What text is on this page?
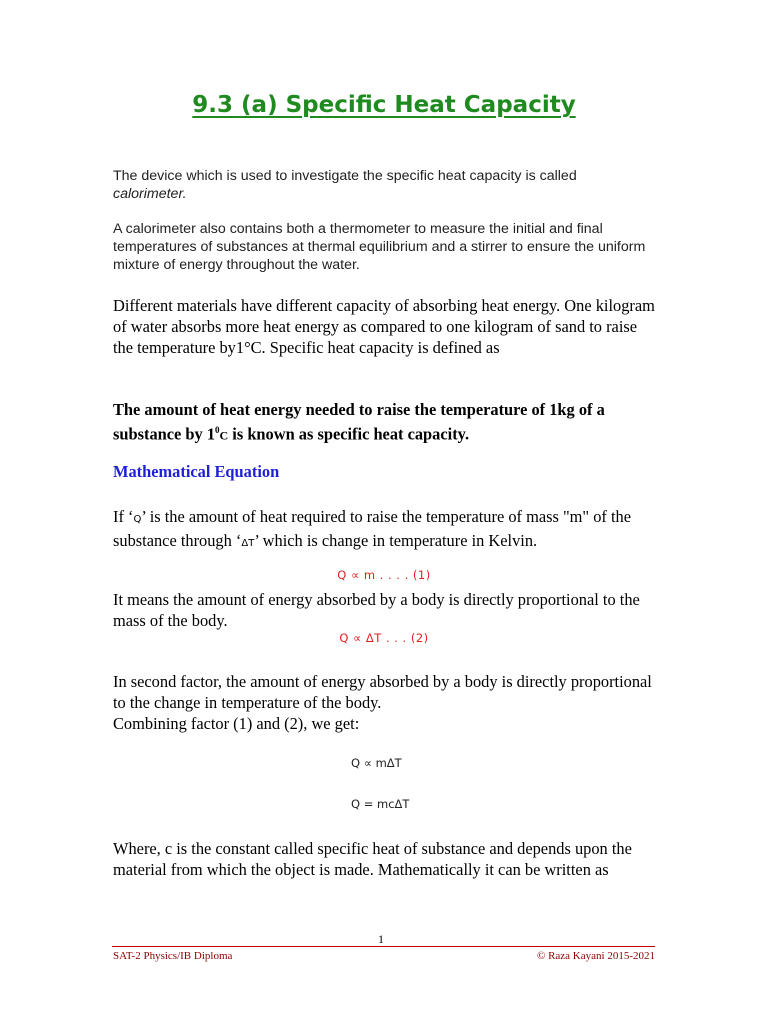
9.3 (a) Specific Heat Capacity
The device which is used to investigate the specific heat capacity is called
calorimeter.
A calorimeter also contains both a thermometer to measure the initial and final temperatures of substances at thermal equilibrium and a stirrer to ensure the uniform mixture of energy throughout the water.
Different materials have different capacity of absorbing heat energy. One kilogram of water absorbs more heat energy as compared to one kilogram of sand to raise the temperature by1°C. Specific heat capacity is defined as
The amount of heat energy needed to raise the temperature of 1kg of a substance by $1^0C$ is known as specific heat capacity.
Mathematical Equation
If ‘Q’ is the amount of heat required to raise the temperature of mass "m" of the substance through ‘ΔT’ which is change in temperature in Kelvin.
Q ∝ m . . . . (1)
It means the amount of energy absorbed by a body is directly proportional to the mass of the body.
Q ∝ ΔT . . . (2)
In second factor, the amount of energy absorbed by a body is directly proportional to the change in temperature of the body.
Combining factor (1) and (2), we get:
Q ∝ mΔT
Q = mcΔT
Where, c is the constant called specific heat of substance and depends upon the material from which the object is made. Mathematically it can be written as
1
SAT-2 Physics/IB Diploma	© Raza Kayani 2015-2021
